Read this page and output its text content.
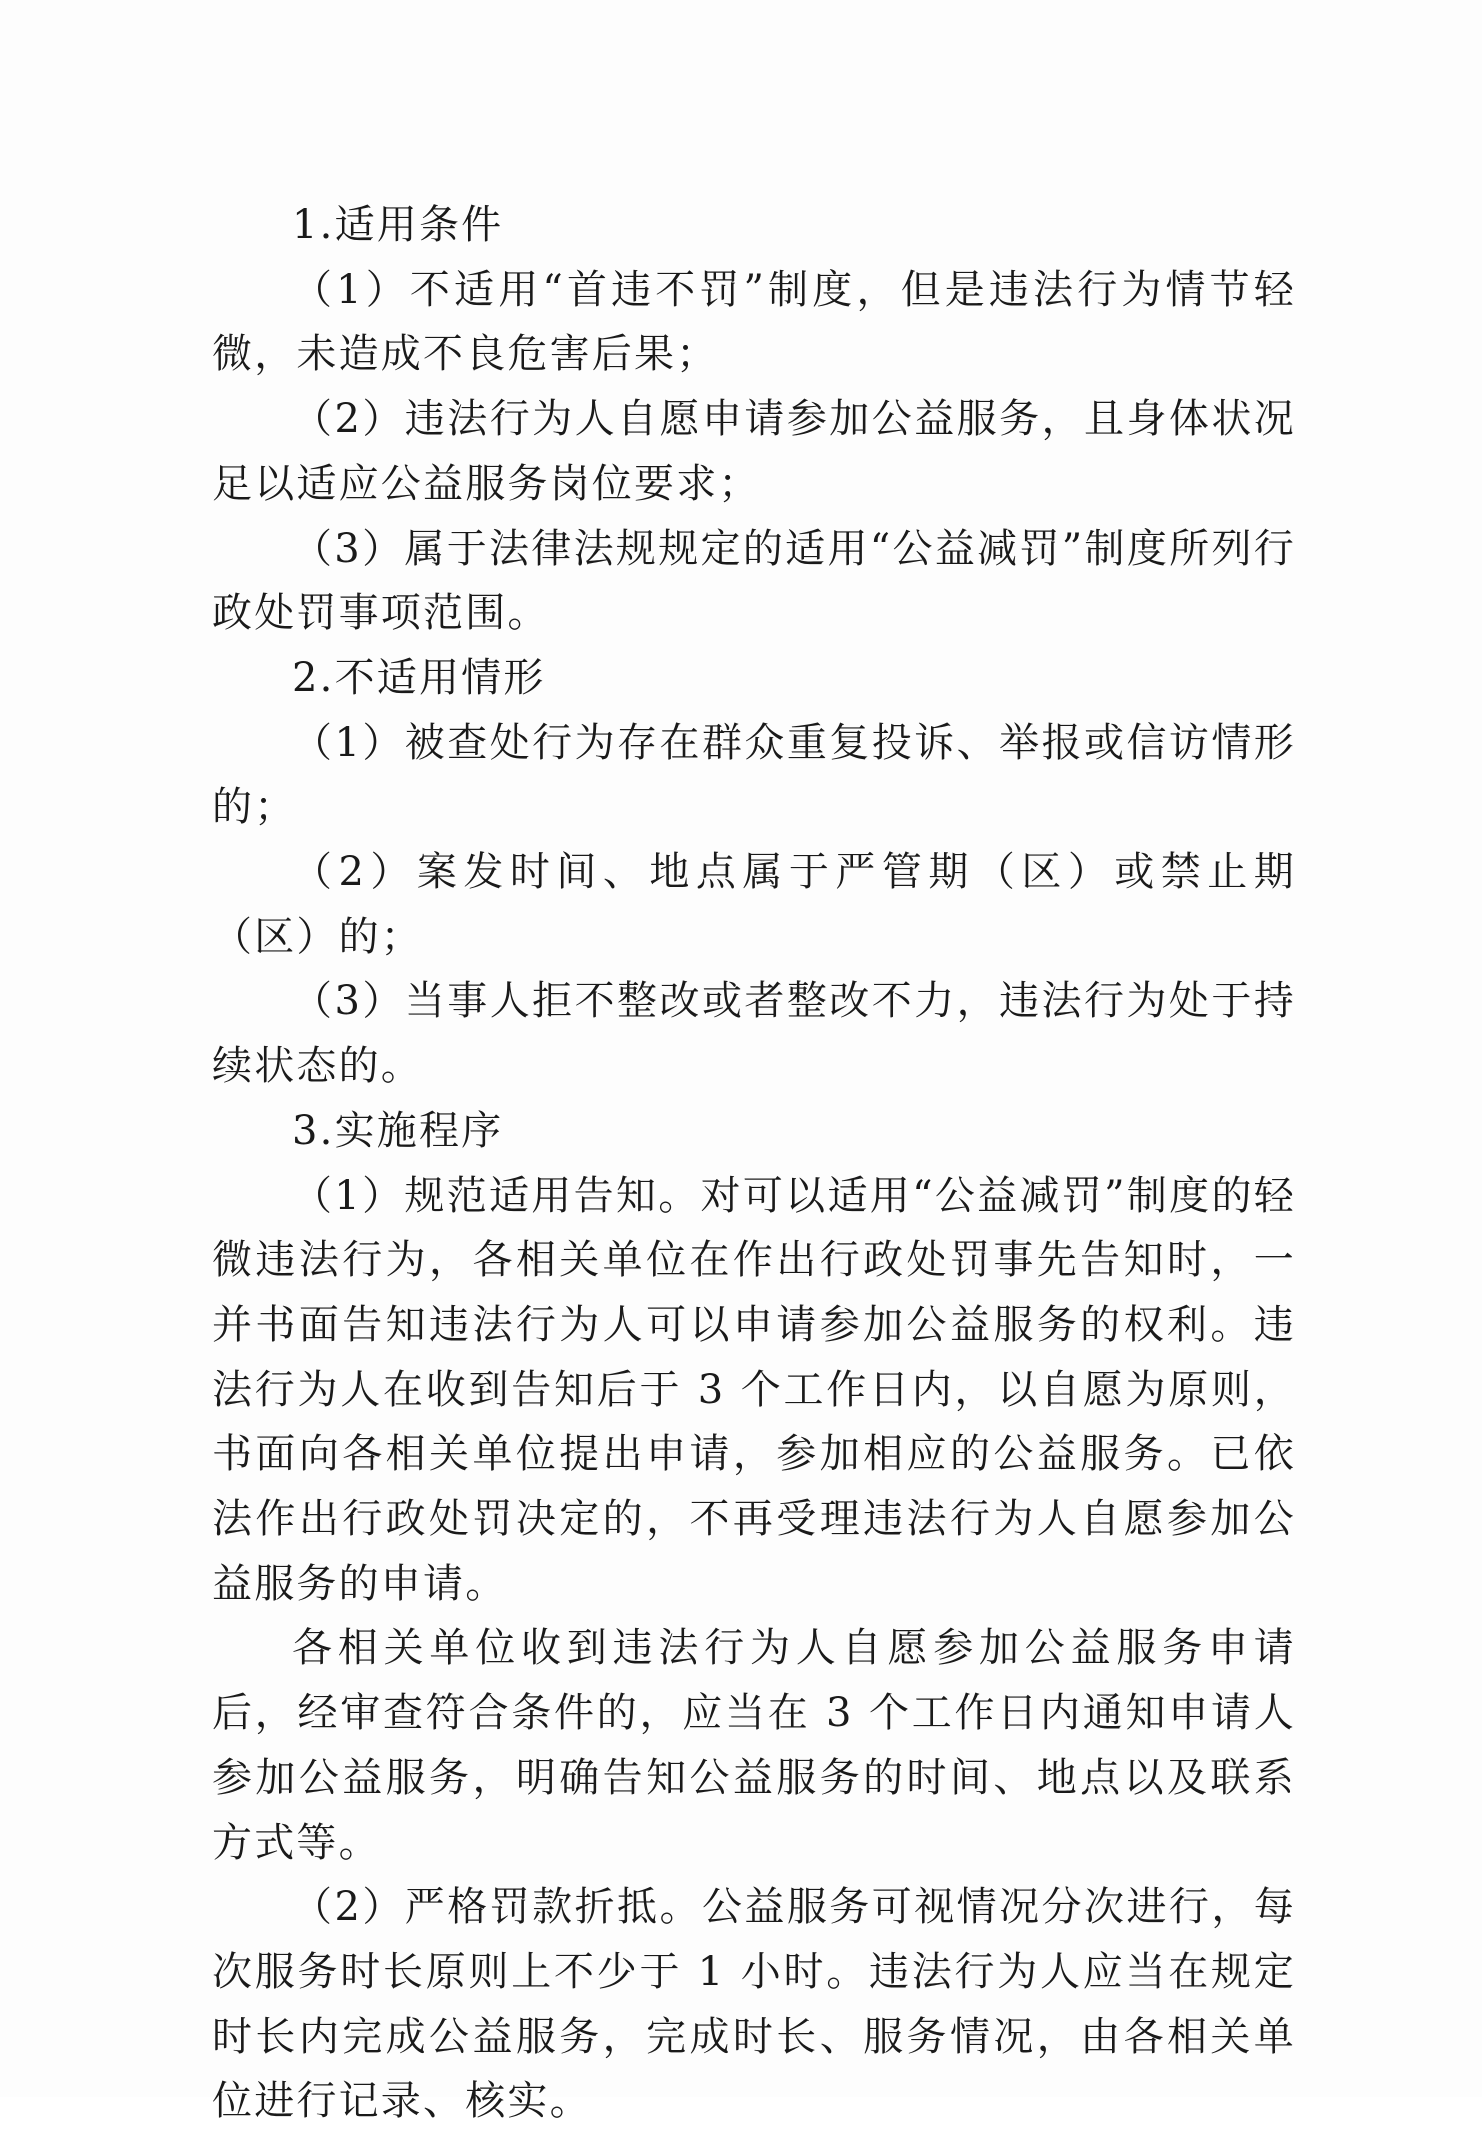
1.适用条件

（1）不适用“首违不罚”制度，但是违法行为情节轻微，未造成不良危害后果；

（2）违法行为人自愿申请参加公益服务，且身体状况足以适应公益服务岗位要求；

（3）属于法律法规规定的适用“公益减罚”制度所列行政处罚事项范围。

2.不适用情形

（1）被查处行为存在群众重复投诉、举报或信访情形的；

（2）案发时间、地点属于严管期（区）或禁止期（区）的；

（3）当事人拒不整改或者整改不力，违法行为处于持续状态的。

3.实施程序

（1）规范适用告知。对可以适用“公益减罚”制度的轻微违法行为，各相关单位在作出行政处罚事先告知时，一并书面告知违法行为人可以申请参加公益服务的权利。违法行为人在收到告知后于 3 个工作日内，以自愿为原则，书面向各相关单位提出申请，参加相应的公益服务。已依法作出行政处罚决定的，不再受理违法行为人自愿参加公益服务的申请。

各相关单位收到违法行为人自愿参加公益服务申请后，经审查符合条件的，应当在 3 个工作日内通知申请人参加公益服务，明确告知公益服务的时间、地点以及联系方式等。

（2）严格罚款折抵。公益服务可视情况分次进行，每次服务时长原则上不少于 1 小时。违法行为人应当在规定时长内完成公益服务，完成时长、服务情况，由各相关单位进行记录、核实。
